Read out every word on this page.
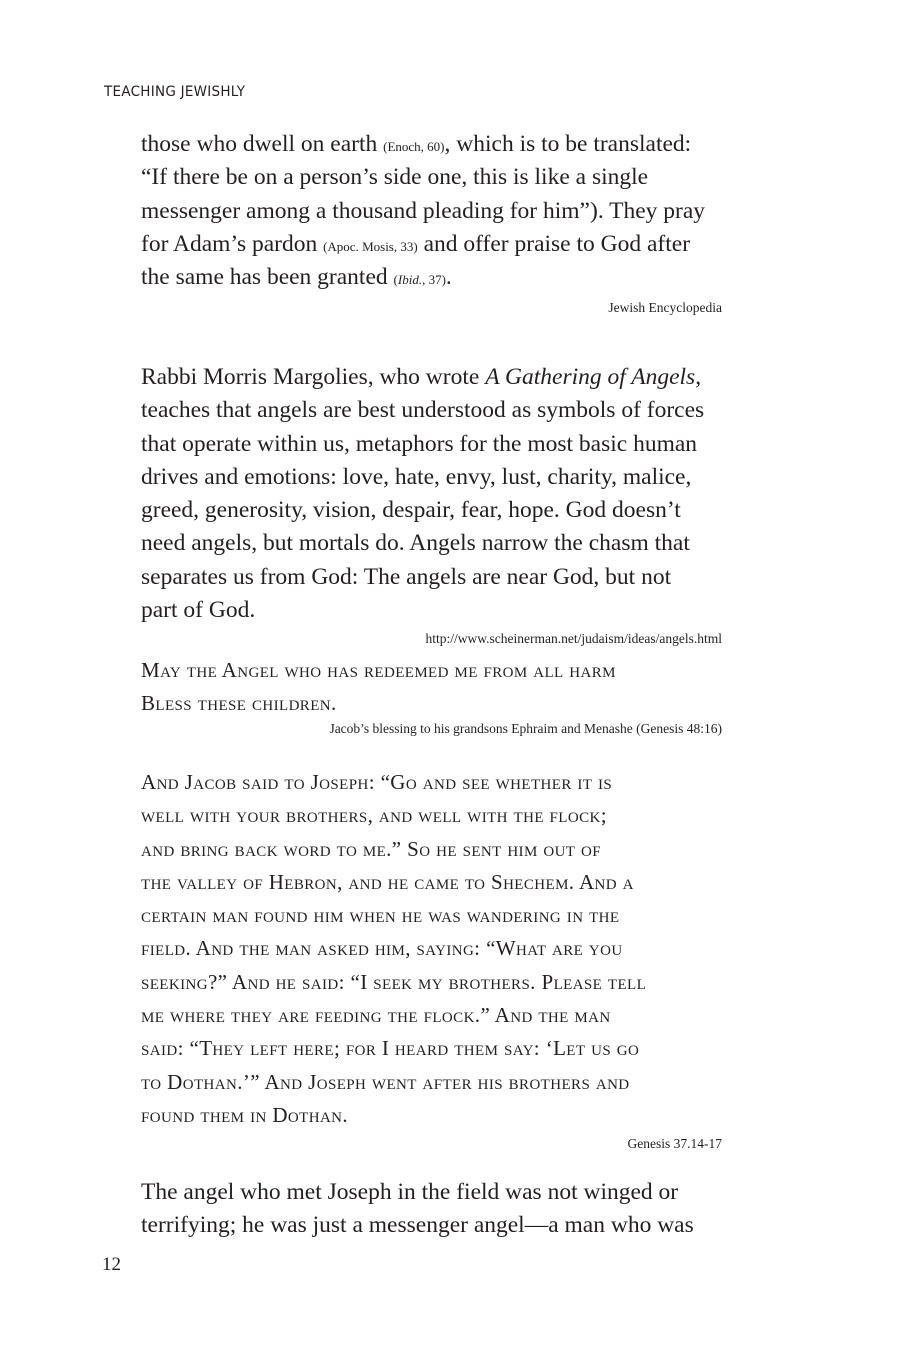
TEACHING JEWISHLY
those who dwell on earth (Enoch, 60), which is to be translated:
“If there be on a person’s side one, this is like a single
messenger among a thousand pleading for him”). They pray
for Adam’s pardon (Apoc. Mosis, 33) and offer praise to God after
the same has been granted (Ibid., 37).
Jewish Encyclopedia
Rabbi Morris Margolies, who wrote A Gathering of Angels,
teaches that angels are best understood as symbols of forces
that operate within us, metaphors for the most basic human
drives and emotions: love, hate, envy, lust, charity, malice,
greed, generosity, vision, despair, fear, hope. God doesn’t
need angels, but mortals do. Angels narrow the chasm that
separates us from God: The angels are near God, but not
part of God.
http://www.scheinerman.net/judaism/ideas/angels.html
May the Angel who has redeemed me from all harm
Bless these children.
Jacob’s blessing to his grandsons Ephraim and Menashe (Genesis 48:16)
And Jacob said to Joseph: “Go and see whether it is
well with your brothers, and well with the flock;
and bring back word to me.” So he sent him out of
the valley of Hebron, and he came to Shechem. And a
certain man found him when he was wandering in the
field. And the man asked him, saying: “What are you
seeking?” And he said: “I seek my brothers. Please tell
me where they are feeding the flock.” And the man
said: “They left here; for I heard them say: ‘Let us go
to Dothan.’” And Joseph went after his brothers and
found them in Dothan.
Genesis 37.14-17
The angel who met Joseph in the field was not winged or
terrifying; he was just a messenger angel—a man who was
12
